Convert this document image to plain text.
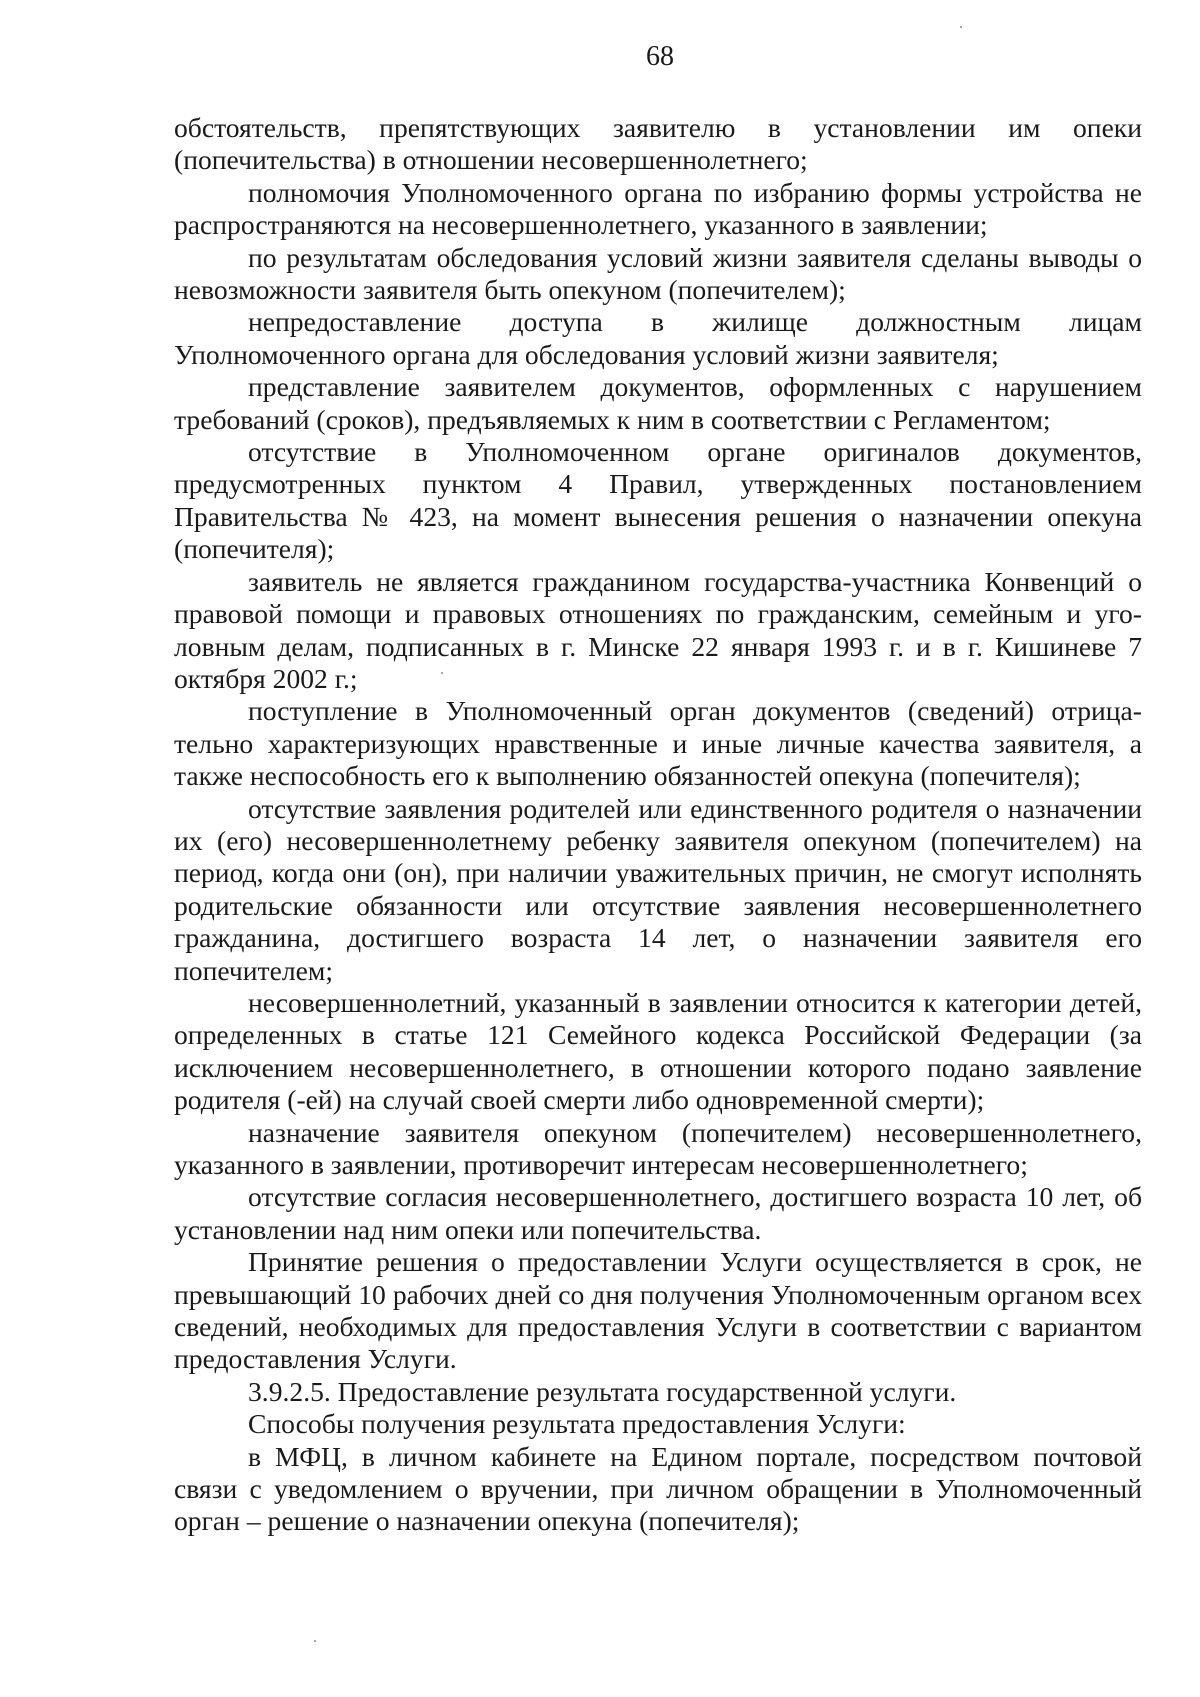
68

обстоятельств, препятствующих заявителю в установлении им опеки (попечительства) в отношении несовершеннолетнего;

полномочия Уполномоченного органа по избранию формы устройства не распространяются на несовершеннолетнего, указанного в заявлении;

по результатам обследования условий жизни заявителя сделаны выводы о невозможности заявителя быть опекуном (попечителем);

непредоставление доступа в жилище должностным лицам Уполномоченного органа для обследования условий жизни заявителя;

представление заявителем документов, оформленных с нарушением требований (сроков), предъявляемых к ним в соответствии с Регламентом;

отсутствие в Уполномоченном органе оригиналов документов, предусмотренных пунктом 4 Правил, утвержденных постановлением Правительства № 423, на момент вынесения решения о назначении опекуна (попечителя);

заявитель не является гражданином государства-участника Конвенций о правовой помощи и правовых отношениях по гражданским, семейным и уголовным делам, подписанных в г. Минске 22 января 1993 г. и в г. Кишиневе 7 октября 2002 г.;

поступление в Уполномоченный орган документов (сведений) отрицательно характеризующих нравственные и иные личные качества заявителя, а также неспособность его к выполнению обязанностей опекуна (попечителя);

отсутствие заявления родителей или единственного родителя о назначении их (его) несовершеннолетнему ребенку заявителя опекуном (попечителем) на период, когда они (он), при наличии уважительных причин, не смогут исполнять родительские обязанности или отсутствие заявления несовершеннолетнего гражданина, достигшего возраста 14 лет, о назначении заявителя его попечителем;

несовершеннолетний, указанный в заявлении относится к категории детей, определенных в статье 121 Семейного кодекса Российской Федерации (за исключением несовершеннолетнего, в отношении которого подано заявление родителя (-ей) на случай своей смерти либо одновременной смерти);

назначение заявителя опекуном (попечителем) несовершеннолетнего, указанного в заявлении, противоречит интересам несовершеннолетнего;

отсутствие согласия несовершеннолетнего, достигшего возраста 10 лет, об установлении над ним опеки или попечительства.

Принятие решения о предоставлении Услуги осуществляется в срок, не превышающий 10 рабочих дней со дня получения Уполномоченным органом всех сведений, необходимых для предоставления Услуги в соответствии с вариантом предоставления Услуги.

3.9.2.5. Предоставление результата государственной услуги.

Способы получения результата предоставления Услуги:

в МФЦ, в личном кабинете на Едином портале, посредством почтовой связи с уведомлением о вручении, при личном обращении в Уполномоченный орган – решение о назначении опекуна (попечителя);
